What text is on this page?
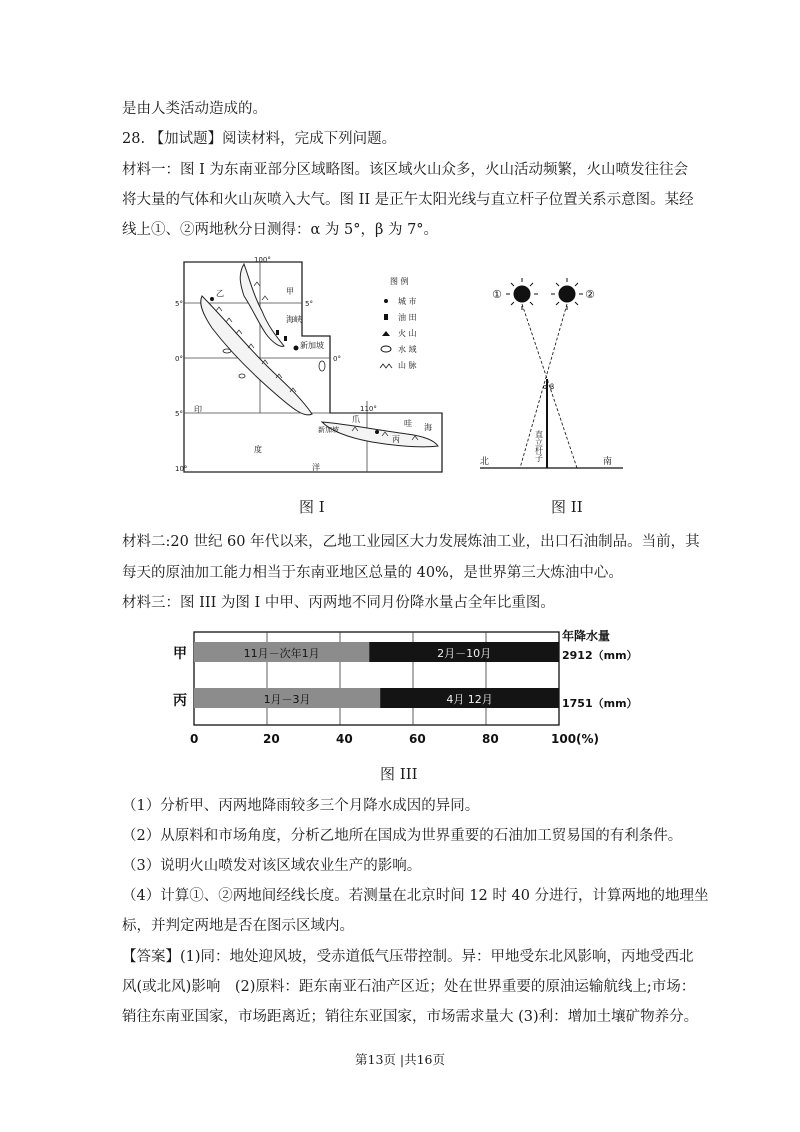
是由人类活动造成的。
28. 【加试题】阅读材料，完成下列问题。
材料一：图 I 为东南亚部分区域略图。该区域火山众多，火山活动频繁，火山喷发往往会
将大量的气体和火山灰喷入大气。图 II 是正午太阳光线与直立杆子位置关系示意图。某经
线上①、②两地秋分日测得：α 为 5°，β 为 7°。
100°
110°
5°
0°
5°
10°
5°
0°
乙	甲
海峡
新加坡
印
度
洋
爪	哇 海
丙
新加坡
图 例
城 市
油 田
火 山
水 域
山 脉
图 I
①	②
α β
直立杆子
北	南
图 II
材料二:20 世纪 60 年代以来，乙地工业园区大力发展炼油工业，出口石油制品。当前，其
每天的原油加工能力相当于东南亚地区总量的 40%，是世界第三大炼油中心。
材料三：图 III 为图 I 中甲、丙两地不同月份降水量占全年比重图。
11月－次年1月	2月－10月
1月－3月	4月 12月
0	20	40	60	80	100(%)
甲
丙
年降水量
2912（mm）
1751（mm）
图 III
（1）分析甲、丙两地降雨较多三个月降水成因的异同。
（2）从原料和市场角度，分析乙地所在国成为世界重要的石油加工贸易国的有利条件。
（3）说明火山喷发对该区域农业生产的影响。
（4）计算①、②两地间经线长度。若测量在北京时间 12 时 40 分进行，计算两地的地理坐
标，并判定两地是否在图示区域内。
【答案】(1)同：地处迎风坡，受赤道低气压带控制。异：甲地受东北风影响，丙地受西北
风(或北风)影响　(2)原料：距东南亚石油产区近；处在世界重要的原油运输航线上;市场：
销往东南亚国家，市场距离近；销往东亚国家，市场需求量大 (3)利：增加土壤矿物养分。
第13页 |共16页
